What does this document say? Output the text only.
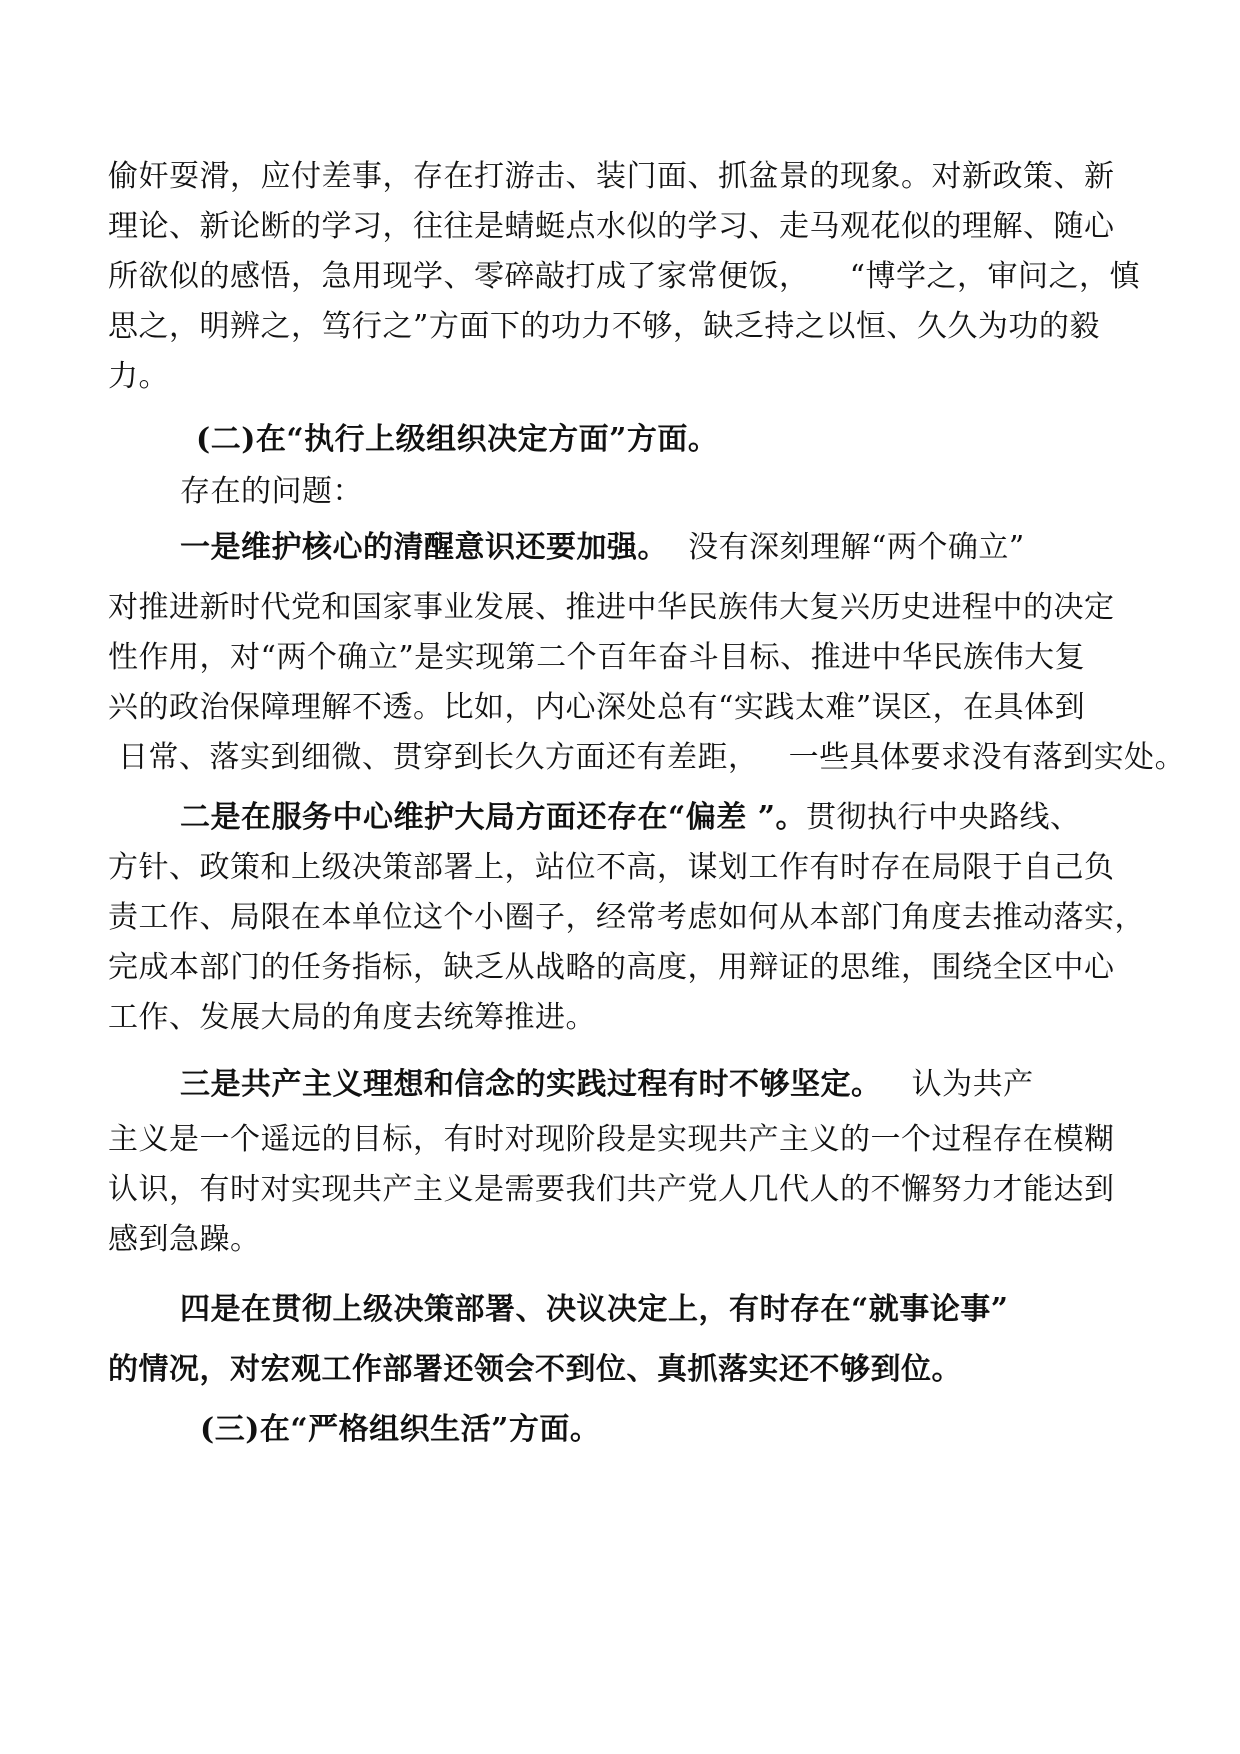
偷奸耍滑，应付差事，存在打游击、装门面、抓盆景的现象。对新政策、新
理论、新论断的学习，往往是蜻蜓点水似的学习、走马观花似的理解、随心
所欲似的感悟，急用现学、零碎敲打成了家常便饭，    “博学之，审问之，慎
思之，明辨之，笃行之”方面下的功力不够，缺乏持之以恒、久久为功的毅
力。
(二)在“执行上级组织决定方面”方面。
存在的问题：
一是维护核心的清醒意识还要加强。  没有深刻理解“两个确立”
对推进新时代党和国家事业发展、推进中华民族伟大复兴历史进程中的决定
性作用，对“两个确立”是实现第二个百年奋斗目标、推进中华民族伟大复
兴的政治保障理解不透。比如，内心深处总有“实践太难”误区，在具体到
日常、落实到细微、贯穿到长久方面还有差距，   一些具体要求没有落到实处。
二是在服务中心维护大局方面还存在“偏差 ”。贯彻执行中央路线、
方针、政策和上级决策部署上，站位不高，谋划工作有时存在局限于自己负
责工作、局限在本单位这个小圈子，经常考虑如何从本部门角度去推动落实，
完成本部门的任务指标，缺乏从战略的高度，用辩证的思维，围绕全区中心
工作、发展大局的角度去统筹推进。
三是共产主义理想和信念的实践过程有时不够坚定。   认为共产
主义是一个遥远的目标，有时对现阶段是实现共产主义的一个过程存在模糊
认识，有时对实现共产主义是需要我们共产党人几代人的不懈努力才能达到
感到急躁。
四是在贯彻上级决策部署、决议决定上，有时存在“就事论事”
的情况，对宏观工作部署还领会不到位、真抓落实还不够到位。
(三)在“严格组织生活”方面。
